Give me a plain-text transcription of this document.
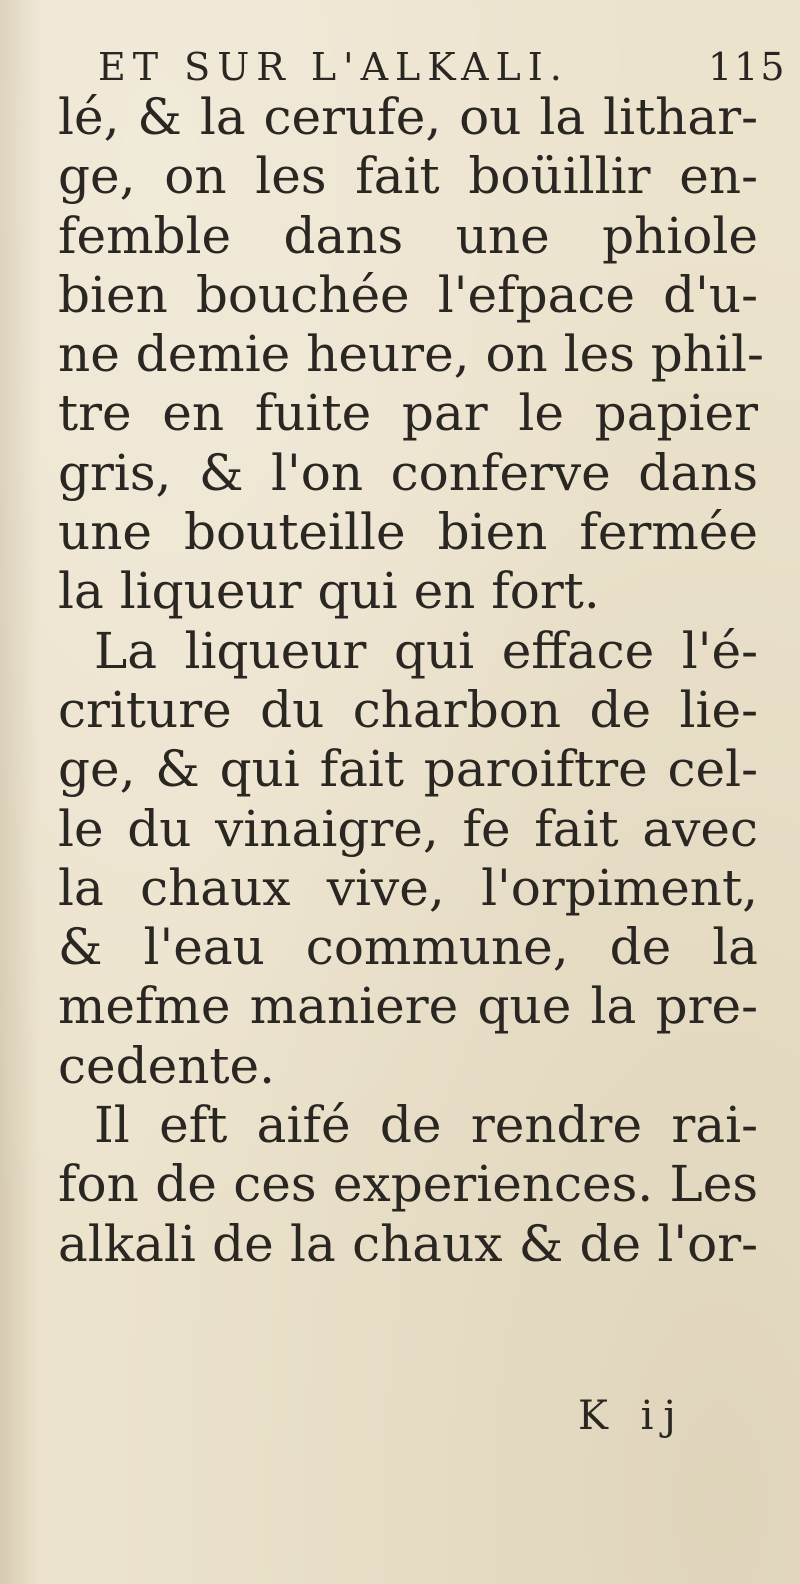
ET SUR L'ALKALI.	115
lé, & la cerufe, ou la lithar-
ge, on les fait boüillir en-
femble dans une phiole
bien bouchée l'efpace d'u-
ne demie heure, on les phil-
tre en fuite par le papier
gris, & l'on conferve dans
une bouteille bien fermée
la liqueur qui en fort.
La liqueur qui efface l'é-
criture du charbon de lie-
ge, & qui fait paroiftre cel-
le du vinaigre, fe fait avec
la chaux vive, l'orpiment,
& l'eau commune, de la
mefme maniere que la pre-
cedente.
Il eft aifé de rendre rai-
fon de ces experiences. Les
alkali de la chaux & de l'or-
K ij
